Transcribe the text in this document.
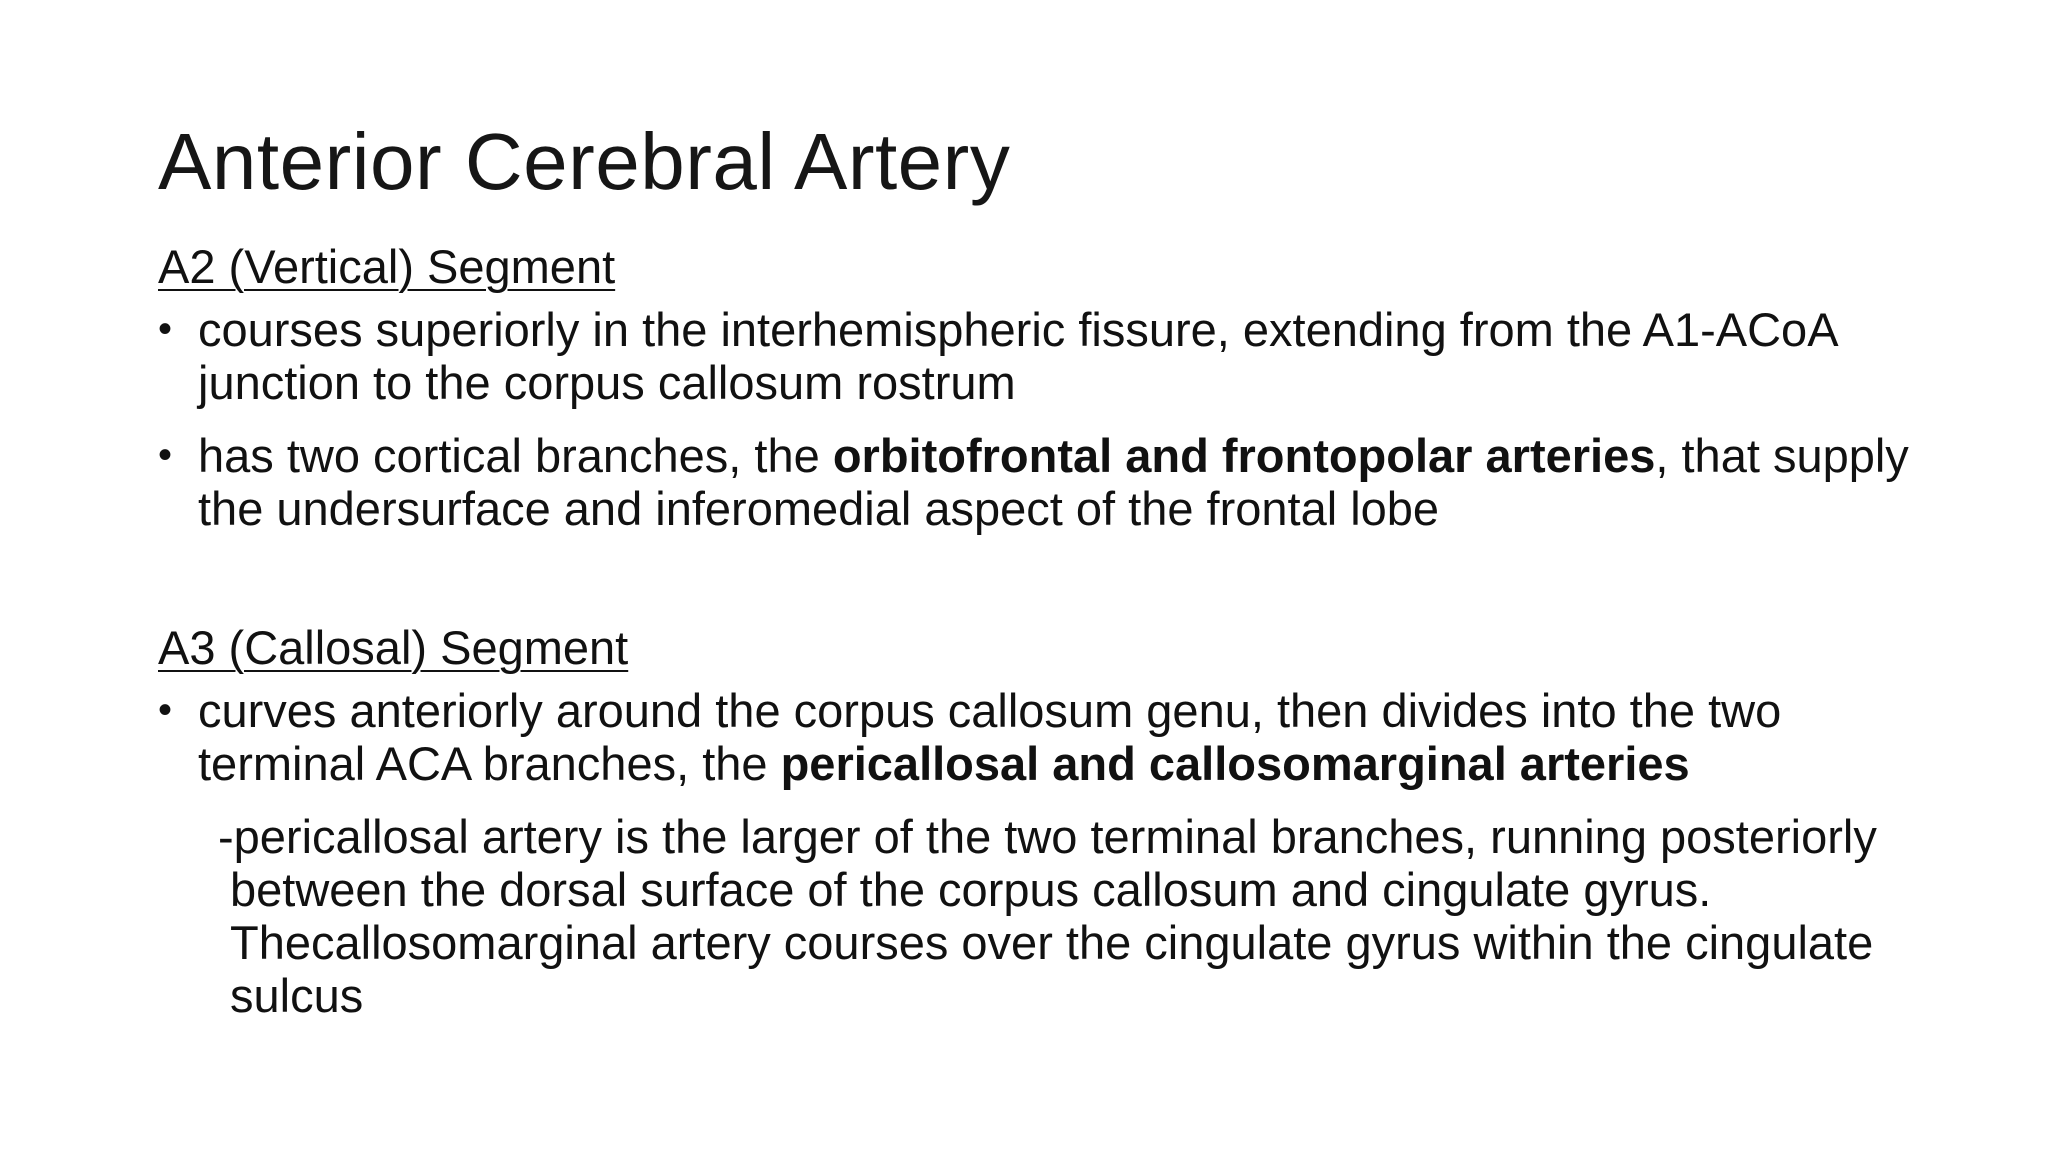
Anterior Cerebral Artery
A2 (Vertical) Segment
• courses superiorly in the interhemispheric fissure, extending from the A1-ACoA junction to the corpus callosum rostrum
• has two cortical branches, the orbitofrontal and frontopolar arteries, that supply the undersurface and inferomedial aspect of the frontal lobe
A3 (Callosal) Segment
• curves anteriorly around the corpus callosum genu, then divides into the two terminal ACA branches, the pericallosal and callosomarginal arteries
-pericallosal artery is the larger of the two terminal branches, running posteriorly between the dorsal surface of the corpus callosum and cingulate gyrus. Thecallosomarginal artery courses over the cingulate gyrus within the cingulate sulcus
